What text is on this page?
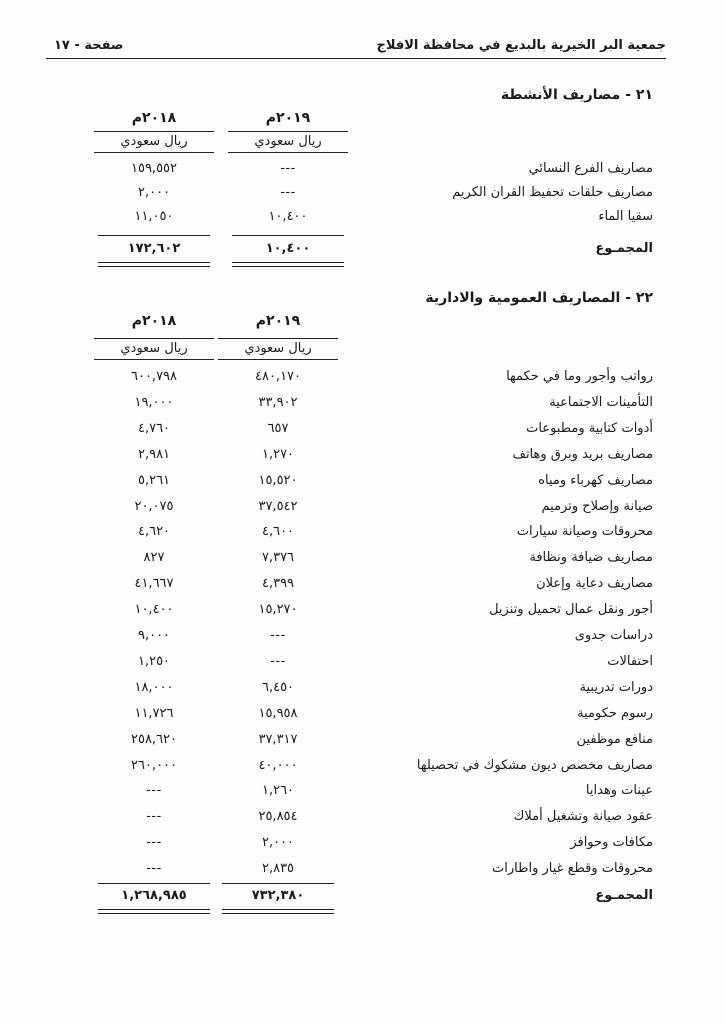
جمعية البر الخيرية بالبديع في محافظة الافلاج
صفحة - ١٧
٢١ - مصاريف الأنشطة
٢٠١٩م
٢٠١٨م
ريال سعودي
ريال سعودي
مصاريف الفرع النسائي
---
١٥٩,٥٥٢
مصاريف حلقات تحفيظ القران الكريم
---
٢,٠٠٠
سقيا الماء
١٠,٤٠٠
١١,٠٥٠
المجمـوع
١٠,٤٠٠
١٧٢,٦٠٢
٢٢ - المصاريف العمومية والادارية
٢٠١٩م
٢٠١٨م
ريال سعودي
ريال سعودي
رواتب وأجور وما في حكمها
٤٨٠,١٧٠
٦٠٠,٧٩٨
التأمينات الاجتماعية
٣٣,٩٠٢
١٩,٠٠٠
أدوات كتابية ومطبوعات
٦٥٧
٤,٧٦٠
مصاريف بريد وبرق وهاتف
١,٢٧٠
٢,٩٨١
مصاريف كهرباء ومياه
١٥,٥٢٠
٥,٢٦١
صيانة وإصلاح وترميم
٣٧,٥٤٢
٢٠,٠٧٥
محروقات وصيانة سيارات
٤,٦٠٠
٤,٦٢٠
مصاريف ضيافة ونظافة
٧,٣٧٦
٨٢٧
مصاريف دعاية وإعلان
٤,٣٩٩
٤١,٦٦٧
أجور ونقل عمال تحميل وتنزيل
١٥,٢٧٠
١٠,٤٠٠
دراسات جدوى
---
٩,٠٠٠
احتفالات
---
١,٢٥٠
دورات تدريبية
٦,٤٥٠
١٨,٠٠٠
رسوم حكومية
١٥,٩٥٨
١١,٧٢٦
منافع موظفين
٣٧,٣١٧
٢٥٨,٦٢٠
مصاريف مخصص ديون مشكوك في تحصيلها
٤٠,٠٠٠
٢٦٠,٠٠٠
عينات وهدايا
١,٢٦٠
---
عقود صيانة وتشغيل أملاك
٢٥,٨٥٤
---
مكافات وحوافز
٢,٠٠٠
---
محروقات وقطع غيار واطارات
٢,٨٣٥
---
المجمـوع
٧٣٢,٣٨٠
١,٢٦٨,٩٨٥
